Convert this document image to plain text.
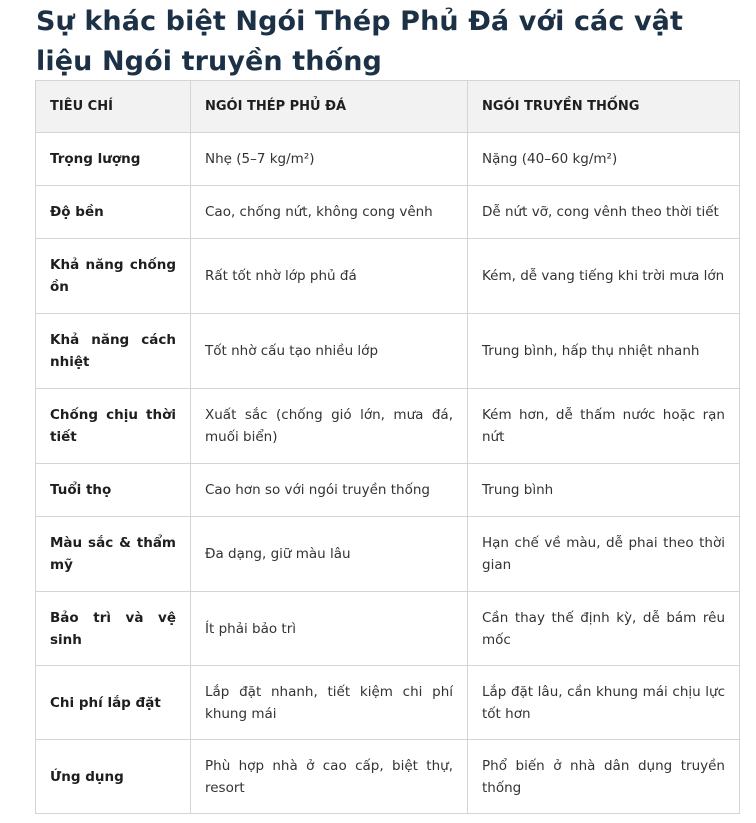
Sự khác biệt Ngói Thép Phủ Đá với các vật liệu Ngói truyền thống
TIÊU CHÍ	NGÓI THÉP PHỦ ĐÁ	NGÓI TRUYỀN THỐNG
Trọng lượng	Nhẹ (5–7 kg/m²)	Nặng (40–60 kg/m²)
Độ bền	Cao, chống nứt, không cong vênh	Dễ nứt vỡ, cong vênh theo thời tiết
Khả năng chống ồn	Rất tốt nhờ lớp phủ đá	Kém, dễ vang tiếng khi trời mưa lớn
Khả năng cách nhiệt	Tốt nhờ cấu tạo nhiều lớp	Trung bình, hấp thụ nhiệt nhanh
Chống chịu thời tiết	Xuất sắc (chống gió lớn, mưa đá, muối biển)	Kém hơn, dễ thấm nước hoặc rạn nứt
Tuổi thọ	Cao hơn so với ngói truyền thống	Trung bình
Màu sắc & thẩm mỹ	Đa dạng, giữ màu lâu	Hạn chế về màu, dễ phai theo thời gian
Bảo trì và vệ sinh	Ít phải bảo trì	Cần thay thế định kỳ, dễ bám rêu mốc
Chi phí lắp đặt	Lắp đặt nhanh, tiết kiệm chi phí khung mái	Lắp đặt lâu, cần khung mái chịu lực tốt hơn
Ứng dụng	Phù hợp nhà ở cao cấp, biệt thự, resort	Phổ biến ở nhà dân dụng truyền thống
